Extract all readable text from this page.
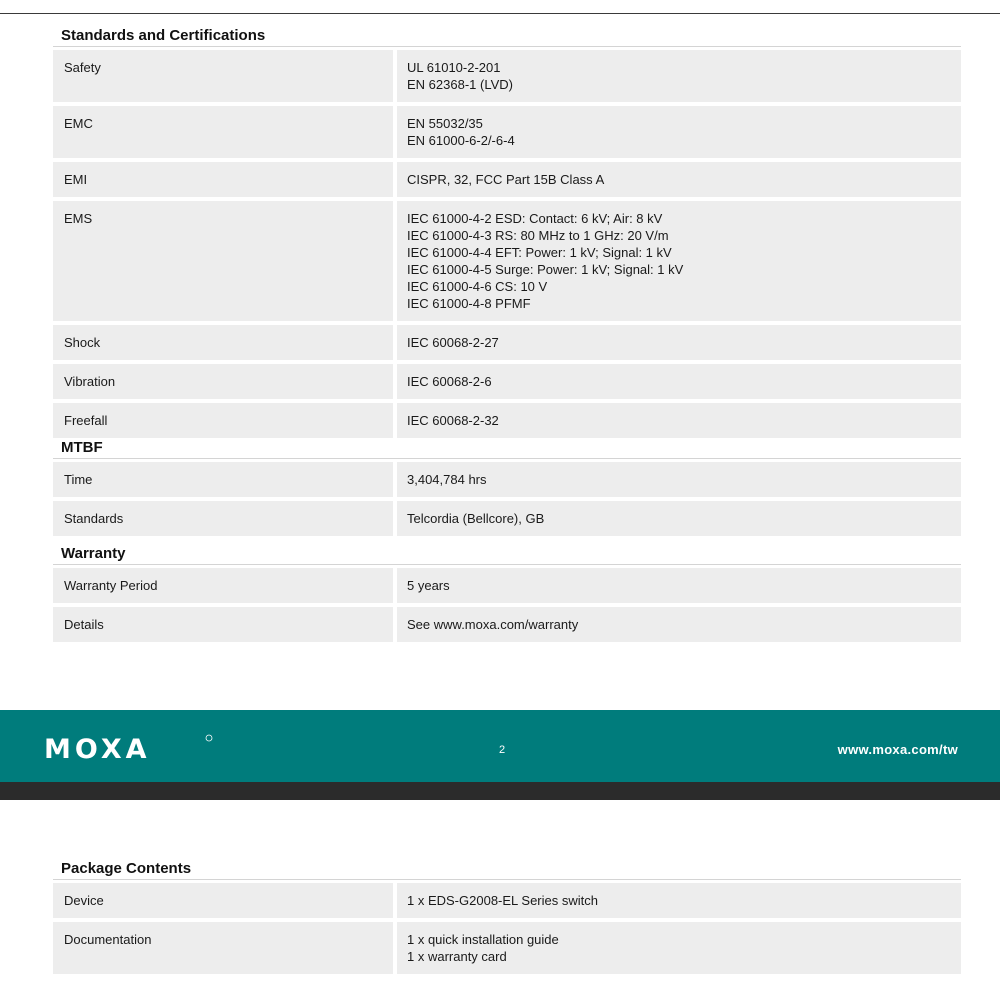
Standards and Certifications
Safety	UL 61010-2-201
EN 62368-1 (LVD)
EMC	EN 55032/35
EN 61000-6-2/-6-4
EMI	CISPR, 32, FCC Part 15B Class A
EMS	IEC 61000-4-2 ESD: Contact: 6 kV; Air: 8 kV
IEC 61000-4-3 RS: 80 MHz to 1 GHz: 20 V/m
IEC 61000-4-4 EFT: Power: 1 kV; Signal: 1 kV
IEC 61000-4-5 Surge: Power: 1 kV; Signal: 1 kV
IEC 61000-4-6 CS: 10 V
IEC 61000-4-8 PFMF
Shock	IEC 60068-2-27
Vibration	IEC 60068-2-6
Freefall	IEC 60068-2-32
MTBF
Time	3,404,784 hrs
Standards	Telcordia (Bellcore), GB
Warranty
Warranty Period	5 years
Details	See www.moxa.com/warranty
Package Contents
Device	1 x EDS-G2008-EL Series switch
Documentation	1 x quick installation guide
1 x warranty card
MOXA	2	www.moxa.com/tw
